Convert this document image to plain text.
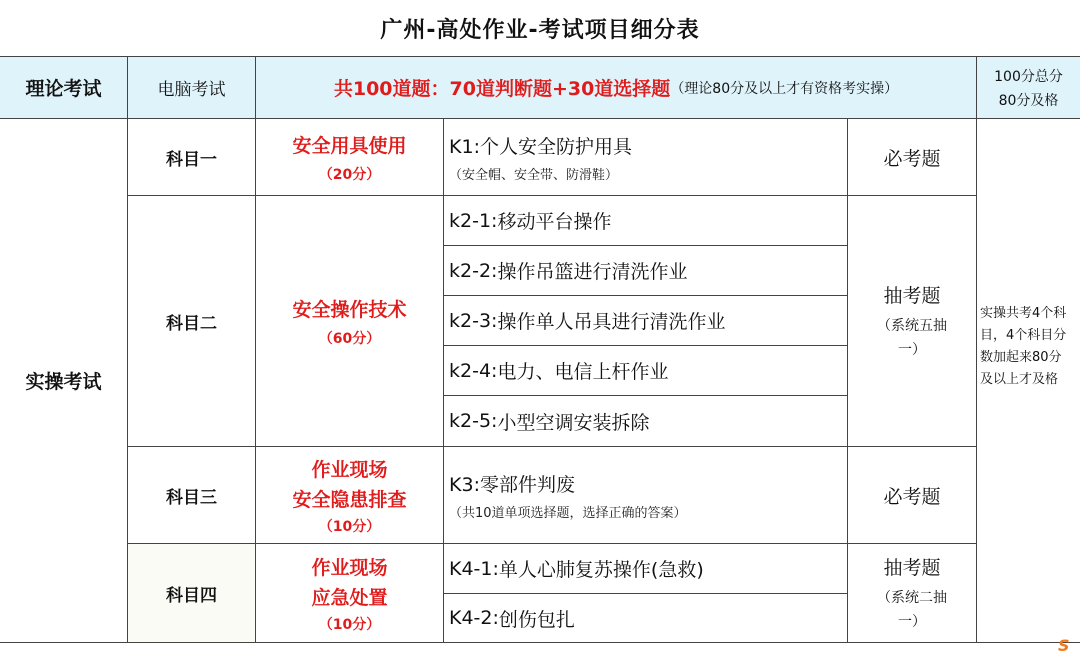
广州-高处作业-考试项目细分表
理论考试	电脑考试	共100道题：70道判断题+30道选择题 （理论80分及以上才有资格考实操）
100分总分
80分及格
实操考试
科目一
安全用具使用
（20分）
K1:个人安全防护用具
（安全帽、安全带、防滑鞋）
必考题
科目二
安全操作技术
（60分）
k2-1 : 移动平台操作
k2-2 : 操作吊篮进行清洗作业
k2-3 : 操作单人吊具进行清洗作业
k2-4 : 电力、电信上杆作业
k2-5 : 小型空调安装拆除
抽考题
（系统五抽一）
科目三
作业现场
安全隐患排查
（10分）
K3:零部件判废
（共10道单项选择题，选择正确的答案）
必考题
科目四
作业现场
应急处置
（10分）
K4-1 : 单人心肺复苏操作(急救)
K4-2 : 创伤包扎
抽考题
（系统二抽一）
实操共考4个科目，4个科目分数加起来80分及以上才及格
S
